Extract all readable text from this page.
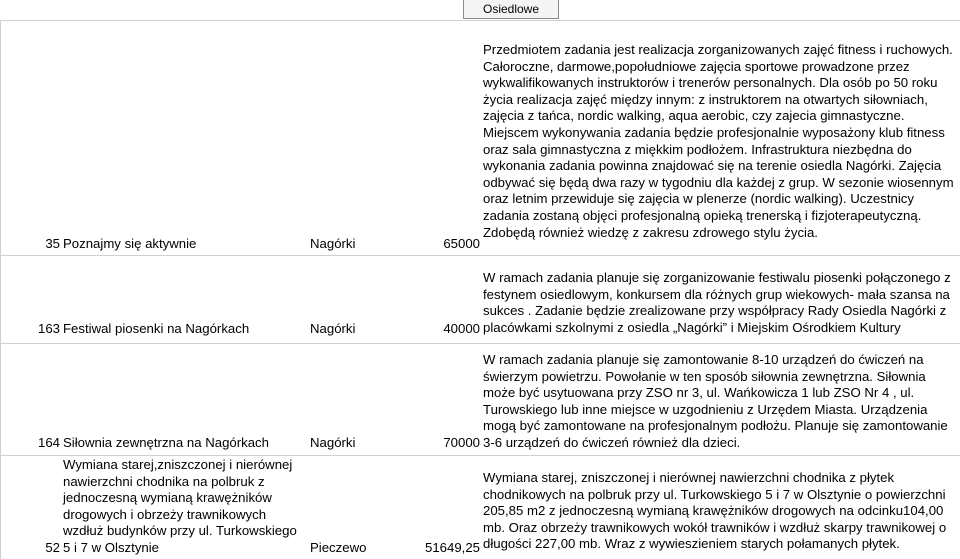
Osiedlowe
35 Poznajmy się aktywnie	Nagórki	65000
Przedmiotem zadania jest realizacja zorganizowanych zajęć fitness i ruchowych. Całoroczne, darmowe,popołudniowe zajęcia sportowe prowadzone przez wykwalifikowanych instruktorów i trenerów personalnych. Dla osób po 50 roku życia realizacja zajęć między innym: z instruktorem na otwartych siłowniach, zajęcia z tańca, nordic walking, aqua aerobic, czy zajecia gimnastyczne. Miejscem wykonywania zadania będzie profesjonalnie wyposażony klub fitness oraz sala gimnastyczna z miękkim podłożem. Infrastruktura niezbędna do wykonania zadania powinna znajdować się na terenie osiedla Nagórki. Zajęcia odbywać się będą dwa razy w tygodniu dla każdej z grup. W sezonie wiosennym oraz letnim przewiduje się zajęcia w plenerze (nordic walking). Uczestnicy zadania zostaną objęci profesjonalną opieką trenerską i fizjoterapeutyczną. Zdobędą również wiedzę z zakresu zdrowego stylu życia.
163 Festiwal piosenki na Nagórkach	Nagórki	40000
W ramach zadania planuje się zorganizowanie festiwalu piosenki połączonego z festynem osiedlowym, konkursem dla różnych grup wiekowych- mała szansa na sukces . Zadanie będzie zrealizowane przy współpracy Rady Osiedla Nagórki z placówkami szkolnymi z osiedla „Nagórki” i Miejskim Ośrodkiem Kultury
164 Siłownia zewnętrzna na Nagórkach	Nagórki	70000
W ramach zadania planuje się zamontowanie 8-10 urządzeń do ćwiczeń na świerzym powietrzu. Powołanie w ten sposób siłownia zewnętrzna. Siłownia może być usytuowana przy ZSO nr 3, ul. Wańkowicza 1 lub ZSO Nr 4 , ul. Turowskiego lub inne miejsce w uzgodnieniu z Urzędem Miasta. Urządzenia mogą być zamontowane na profesjonalnym podłożu. Planuje się zamontowanie 3-6 urządzeń do ćwiczeń również dla dzieci.
52
Wymiana starej,zniszczonej i nierównej nawierzchni chodnika na polbruk z jednoczesną wymianą krawężników drogowych i obrzeży trawnikowych wzdłuż budynków przy ul. Turkowskiego 5 i 7 w Olsztynie	Pieczewo	51649,25
Wymiana starej, zniszczonej i nierównej nawierzchni chodnika z płytek chodnikowych na polbruk przy ul. Turkowskiego 5 i 7 w Olsztynie o powierzchni 205,85 m2 z jednoczesną wymianą krawężników drogowych na odcinku104,00 mb. Oraz obrzeży trawnikowych wokół trawników i wzdłuż skarpy trawnikowej o długości 227,00 mb. Wraz z wywieszieniem starych połamanych płytek.
